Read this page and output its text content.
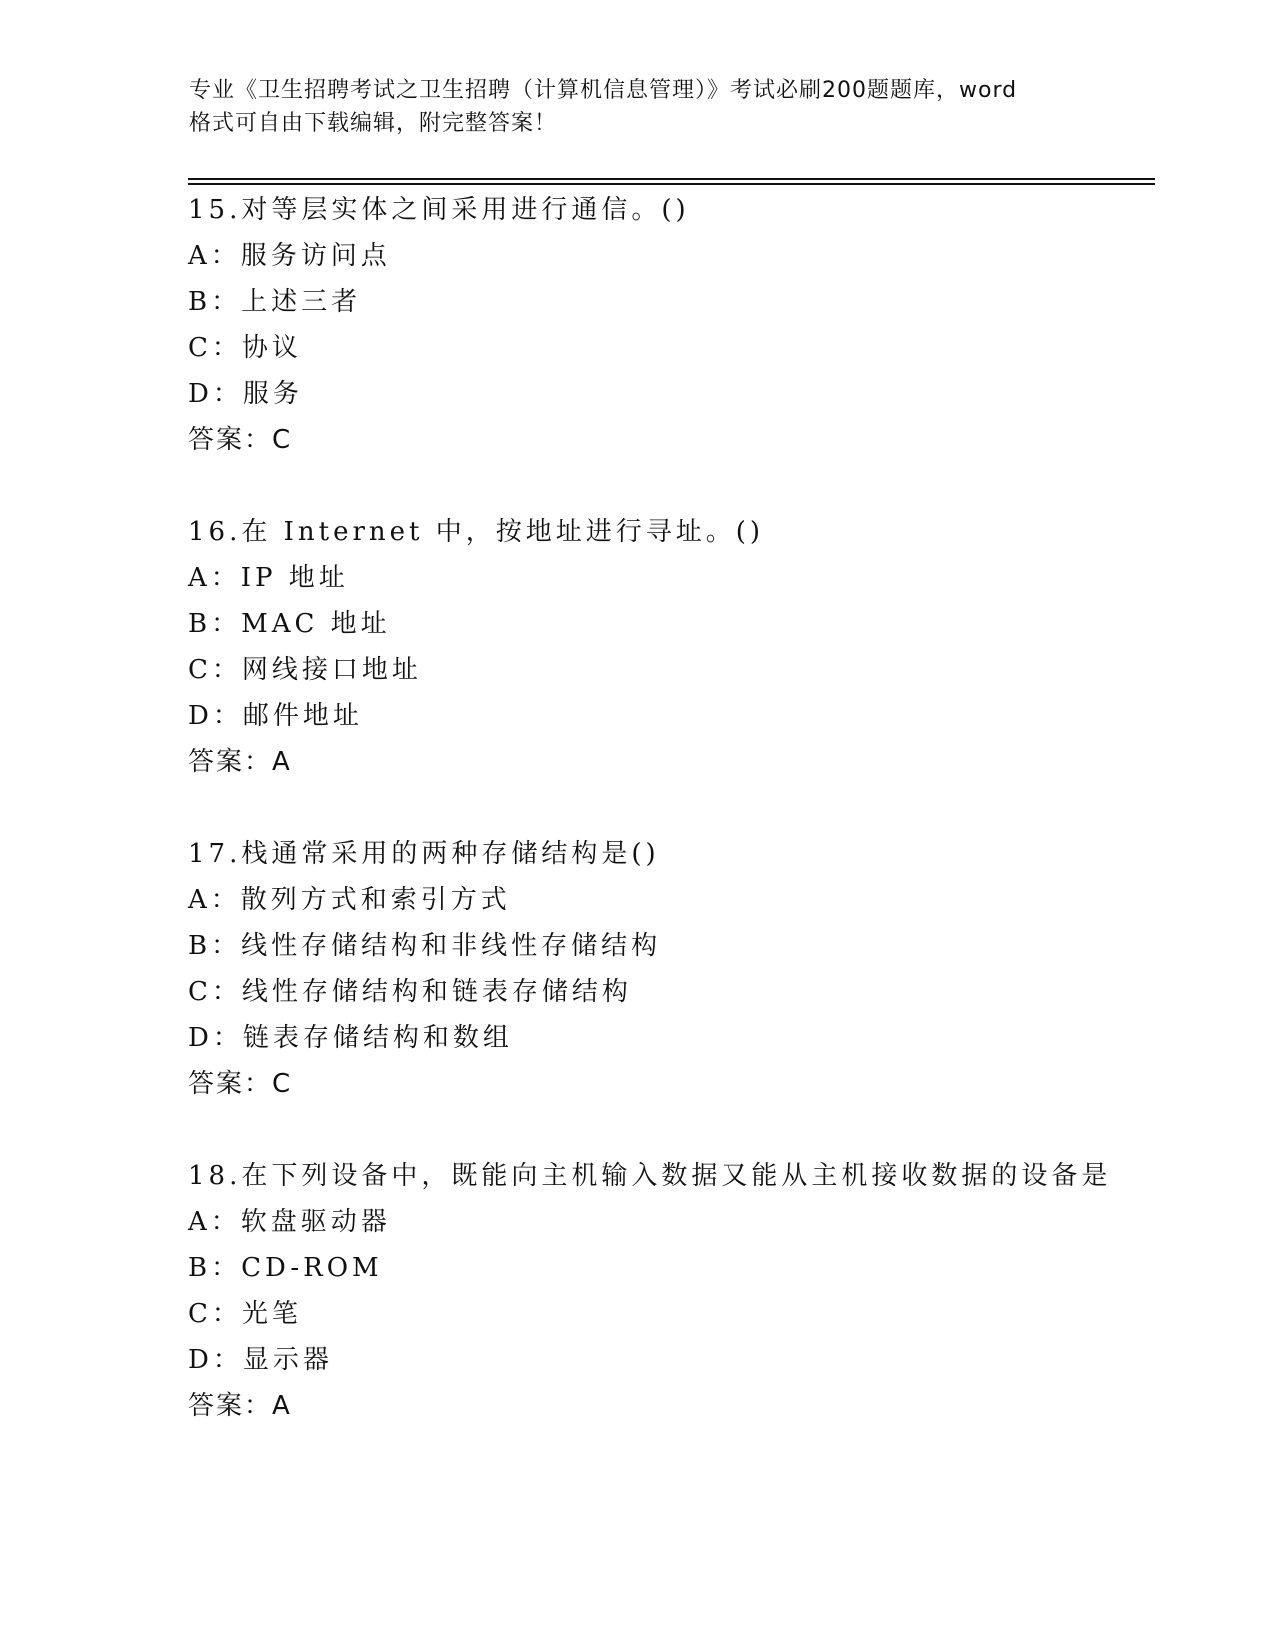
专业《卫生招聘考试之卫生招聘（计算机信息管理）》考试必刷200题题库，word
格式可自由下载编辑，附完整答案！
15.对等层实体之间采用进行通信。()
A：服务访问点
B：上述三者
C：协议
D：服务
答案：C
16.在 Internet 中，按地址进行寻址。()
A：IP 地址
B：MAC 地址
C：网线接口地址
D：邮件地址
答案：A
17.栈通常采用的两种存储结构是()
A：散列方式和索引方式
B：线性存储结构和非线性存储结构
C：线性存储结构和链表存储结构
D：链表存储结构和数组
答案：C
18.在下列设备中，既能向主机输入数据又能从主机接收数据的设备是
A：软盘驱动器
B：CD-ROM
C：光笔
D：显示器
答案：A
